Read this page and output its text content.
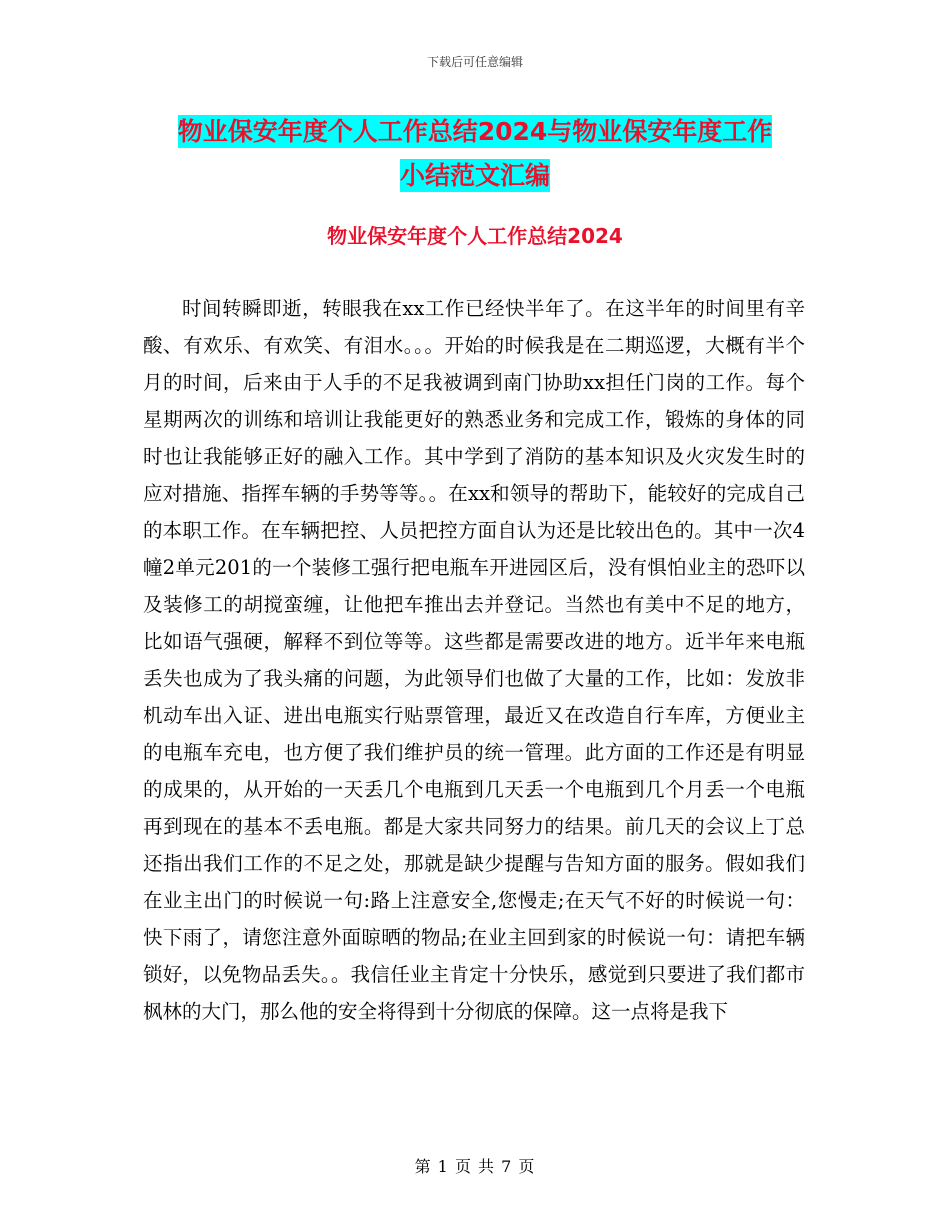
下载后可任意编辑
物业保安年度个人工作总结2024与物业保安年度工作
小结范文汇编
物业保安年度个人工作总结2024

时间转瞬即逝，转眼我在xx工作已经快半年了。在这半年的时间里有辛酸、有欢乐、有欢笑、有泪水。。。开始的时候我是在二期巡逻，大概有半个月的时间，后来由于人手的不足我被调到南门协助xx担任门岗的工作。每个星期两次的训练和培训让我能更好的熟悉业务和完成工作，锻炼的身体的同时也让我能够正好的融入工作。其中学到了消防的基本知识及火灾发生时的应对措施、指挥车辆的手势等等。。在xx和领导的帮助下，能较好的完成自己的本职工作。在车辆把控、人员把控方面自认为还是比较出色的。其中一次4幢2单元201的一个装修工强行把电瓶车开进园区后，没有惧怕业主的恐吓以及装修工的胡搅蛮缠，让他把车推出去并登记。当然也有美中不足的地方，比如语气强硬，解释不到位等等。这些都是需要改进的地方。近半年来电瓶丢失也成为了我头痛的问题，为此领导们也做了大量的工作，比如：发放非机动车出入证、进出电瓶实行贴票管理，最近又在改造自行车库，方便业主的电瓶车充电，也方便了我们维护员的统一管理。此方面的工作还是有明显的成果的，从开始的一天丢几个电瓶到几天丢一个电瓶到几个月丢一个电瓶再到现在的基本不丢电瓶。都是大家共同努力的结果。前几天的会议上丁总还指出我们工作的不足之处，那就是缺少提醒与告知方面的服务。假如我们在业主出门的时候说一句:路上注意安全,您慢走;在天气不好的时候说一句：快下雨了，请您注意外面晾晒的物品;在业主回到家的时候说一句：请把车辆锁好，以免物品丢失。。我信任业主肯定十分快乐，感觉到只要进了我们都市枫林的大门，那么他的安全将得到十分彻底的保障。这一点将是我下

第 1 页 共 7 页
